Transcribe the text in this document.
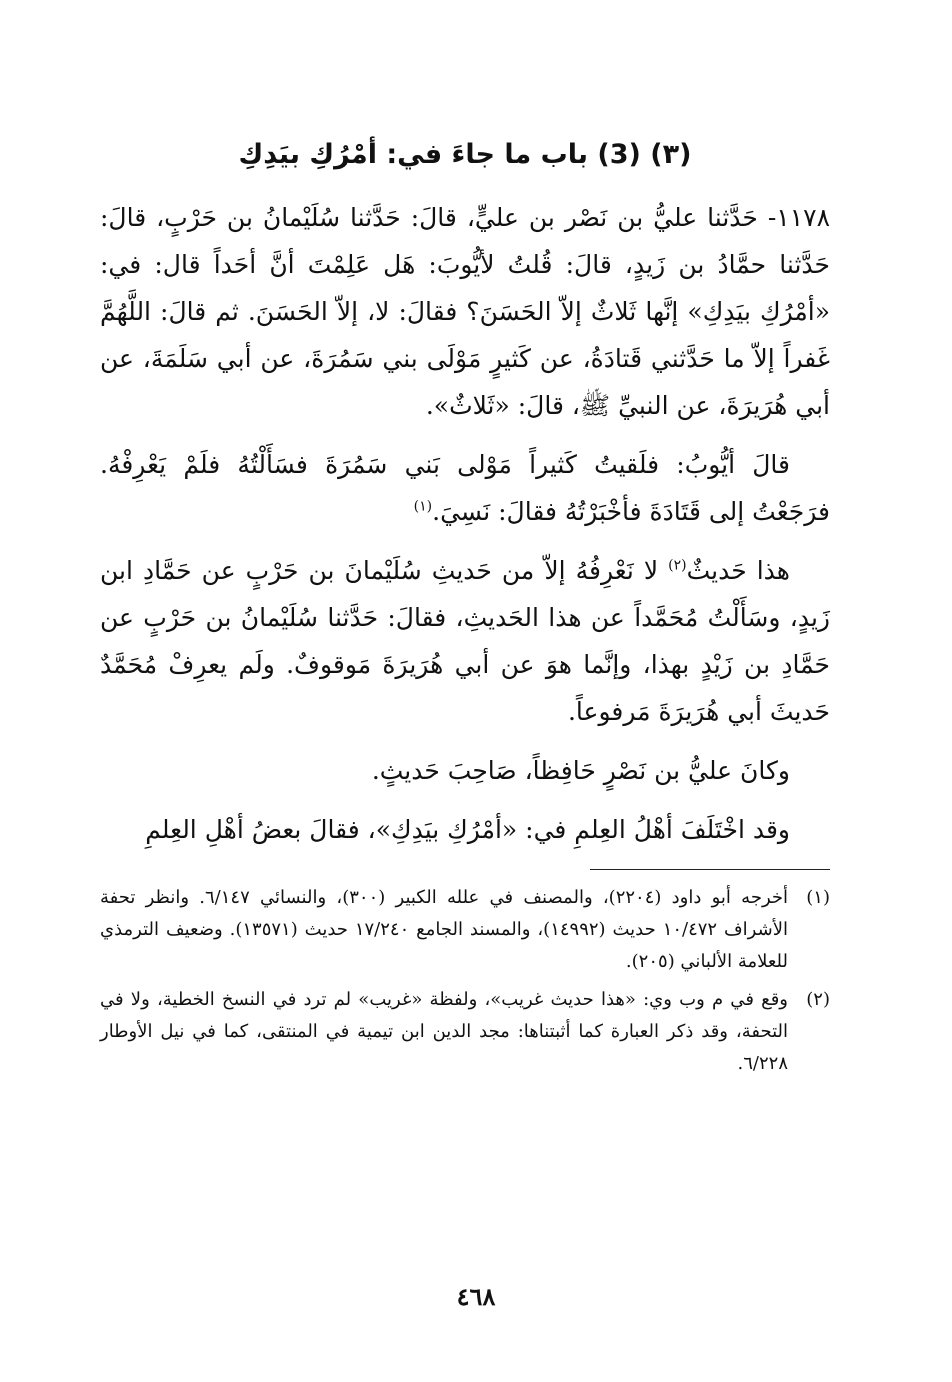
(٣) (3) باب ما جاءَ في: أمْرُكِ بيَدِكِ

١١٧٨- حَدَّثنا عليُّ بن نَصْر بن عليٍّ، قالَ: حَدَّثنا سُلَيْمانُ بن حَرْبٍ، قالَ: حَدَّثنا حمَّادُ بن زَيدٍ، قالَ: قُلتُ لأيُّوبَ: هَل عَلِمْتَ أنَّ أحَداً قال: في: «أمْرُكِ بيَدِكِ» إنَّها ثَلاثٌ إلاّ الحَسَنَ؟ فقالَ: لا، إلاّ الحَسَنَ. ثم قالَ: اللَّهُمَّ غَفراً إلاّ ما حَدَّثني قَتادَةُ، عن كَثيرٍ مَوْلَى بني سَمُرَةَ، عن أبي سَلَمَةَ، عن أبي هُرَيرَةَ، عن النبيِّ ﷺ، قالَ: «ثَلاثٌ».

قالَ أيُّوبُ: فلَقيتُ كَثيراً مَوْلى بَني سَمُرَةَ فسَأَلْتُهُ فلَمْ يَعْرِفْهُ. فرَجَعْتُ إلى قَتَادَةَ فأخْبَرْتُهُ فقالَ: نَسِيَ.$^{(١)}$

هذا حَديثٌ$^{(٢)}$ لا نَعْرِفُهُ إلاّ من حَديثِ سُلَيْمانَ بن حَرْبٍ عن حَمَّادِ ابن زَيدٍ، وسَأَلْتُ مُحَمَّداً عن هذا الحَديثِ، فقالَ: حَدَّثنا سُلَيْمانُ بن حَرْبٍ عن حَمَّادِ بن زَيْدٍ بهذا، وإنَّما هوَ عن أبي هُرَيرَةَ مَوقوفٌ. ولَم يعرِفْ مُحَمَّدٌ حَديثَ أبي هُرَيرَةَ مَرفوعاً.

وكانَ عليُّ بن نَصْرٍ حَافِظاً، صَاحِبَ حَديثٍ.

وقد اخْتَلَفَ أهْلُ العِلمِ في: «أمْرُكِ بيَدِكِ»، فقالَ بعضُ أهْلِ العِلمِ

(١)
أخرجه أبو داود (٢٢٠٤)، والمصنف في علله الكبير (٣٠٠)، والنسائي ٦/١٤٧. وانظر تحفة الأشراف ١٠/٤٧٢ حديث (١٤٩٩٢)، والمسند الجامع ١٧/٢٤٠ حديث (١٣٥٧١). وضعيف الترمذي للعلامة الألباني (٢٠٥).
(٢)
وقع في م وب وي: «هذا حديث غريب»، ولفظة «غريب» لم ترد في النسخ الخطية، ولا في التحفة، وقد ذكر العبارة كما أثبتناها: مجد الدين ابن تيمية في المنتقى، كما في نيل الأوطار ٦/٢٢٨.
٤٦٨
